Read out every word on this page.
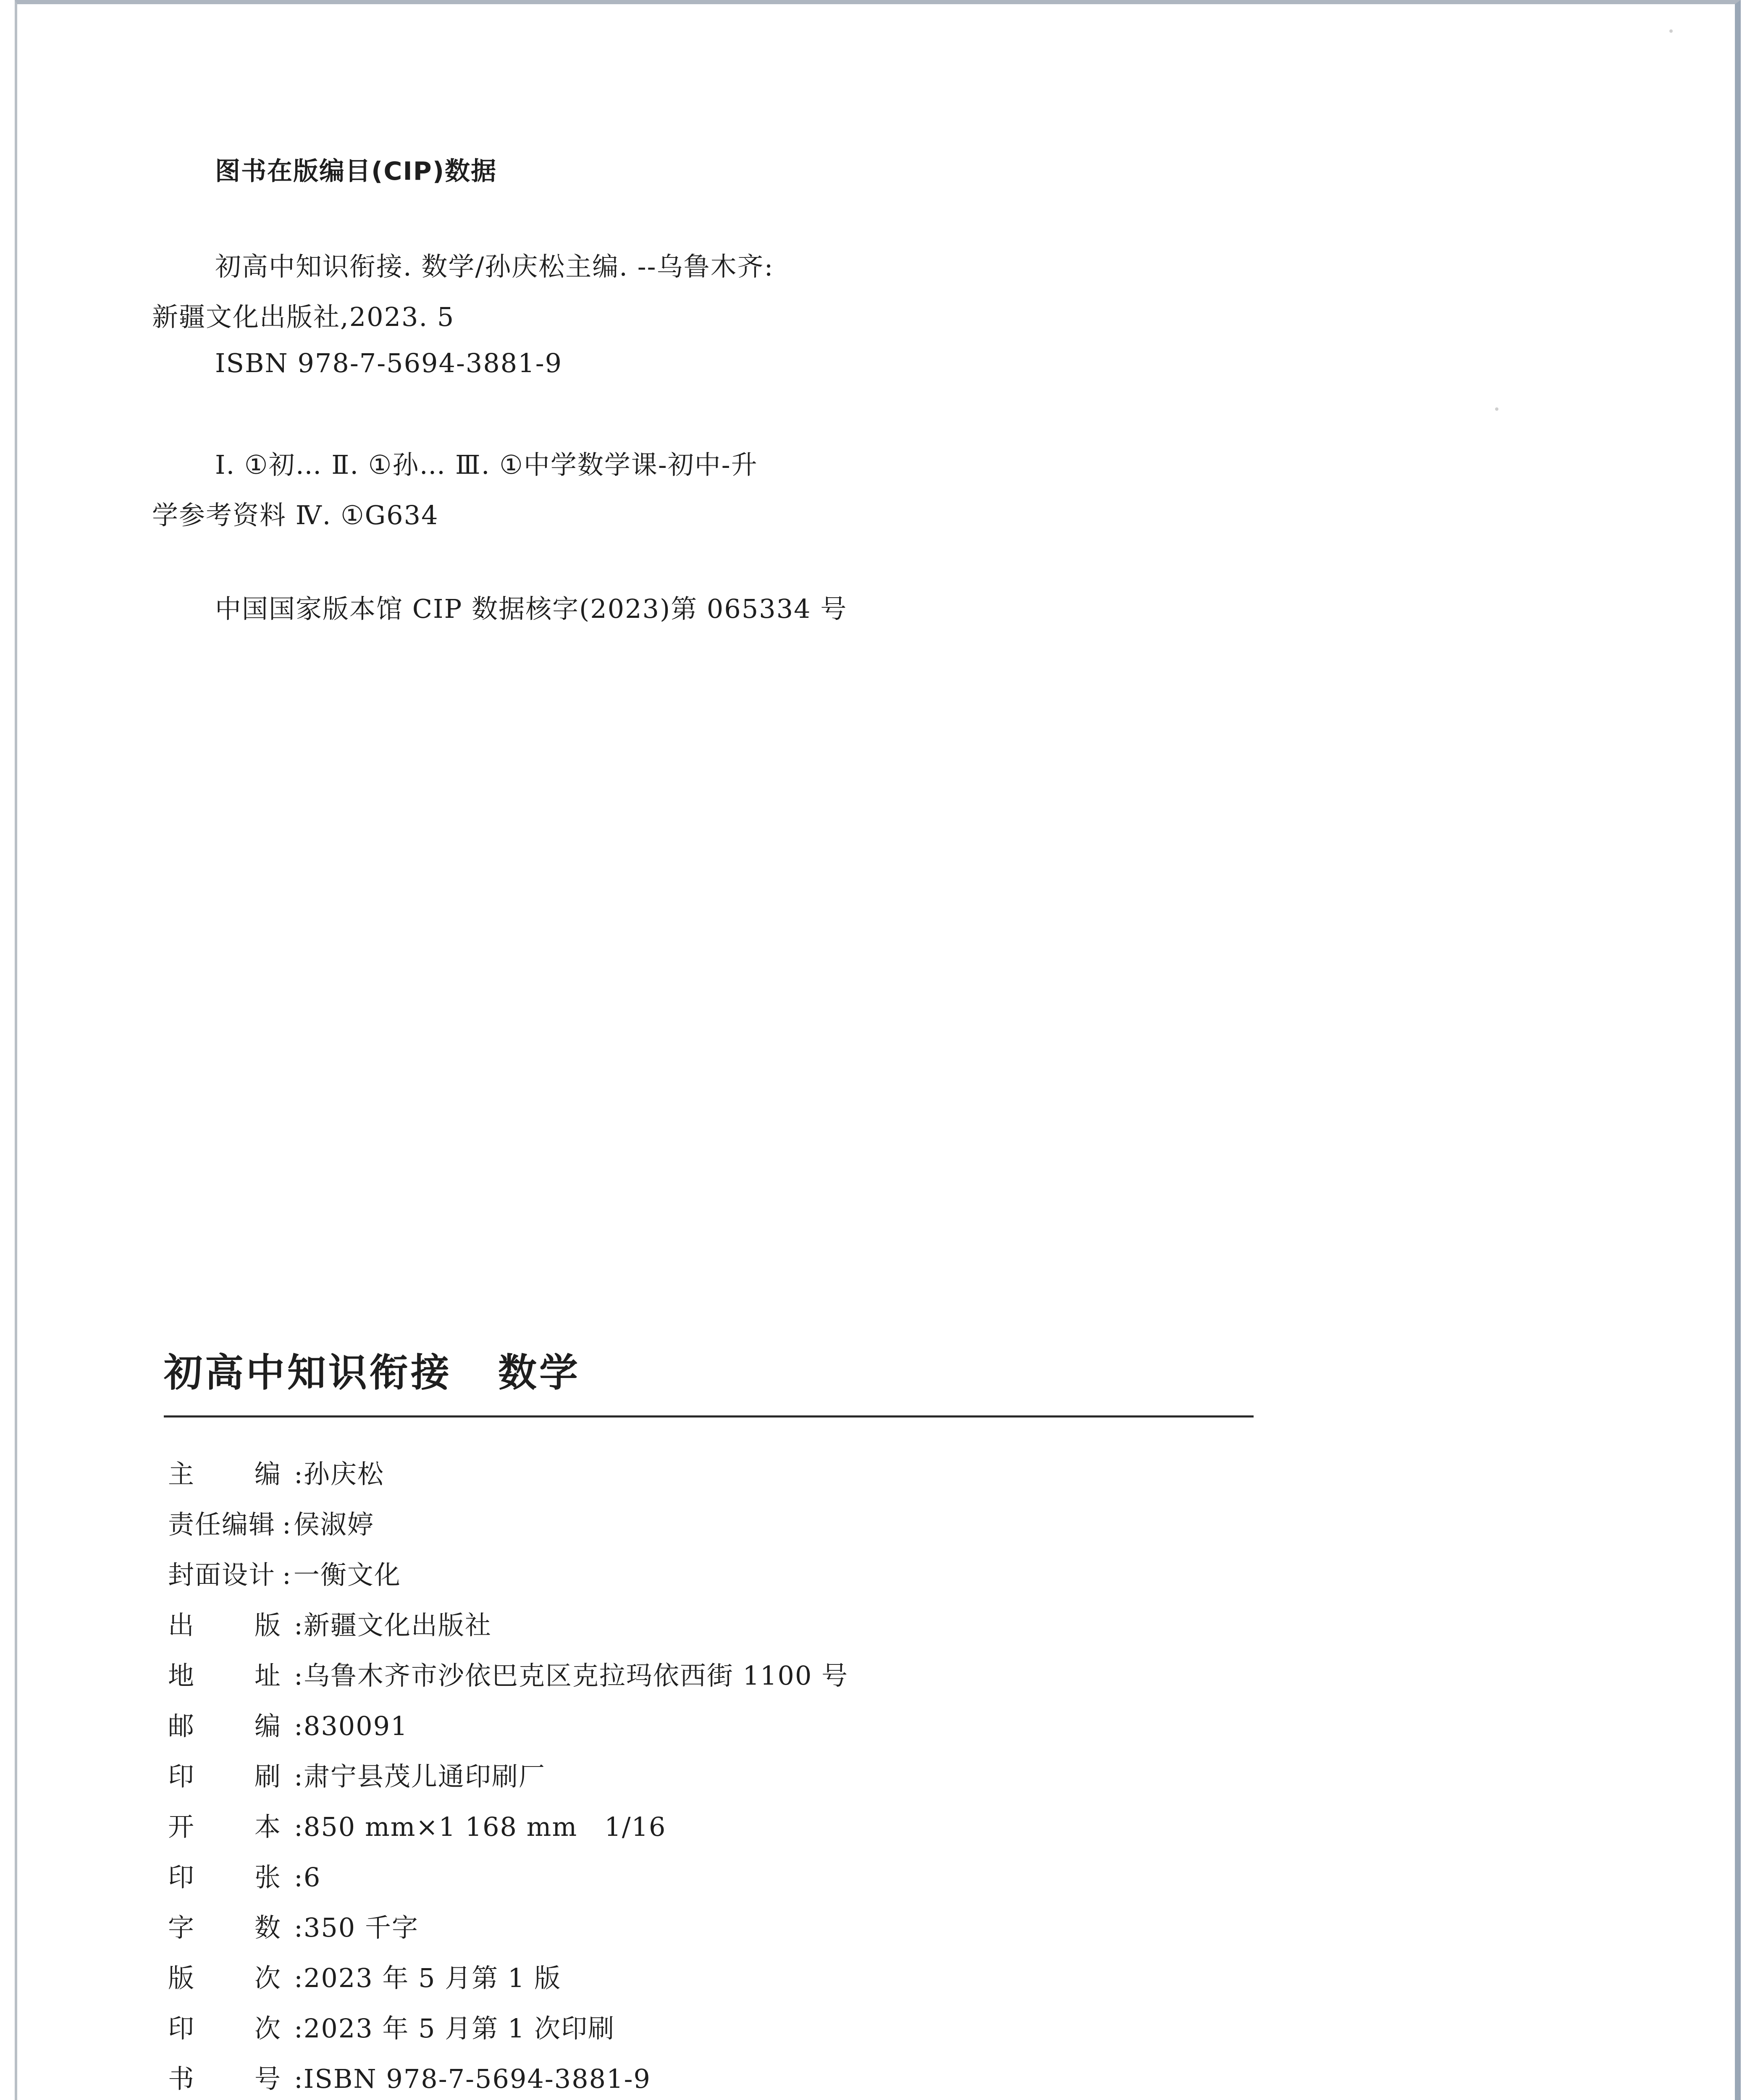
图书在版编目(CIP)数据
初高中知识衔接. 数学/孙庆松主编. --乌鲁木齐:
新疆文化出版社,2023. 5
ISBN 978-7-5694-3881-9
Ⅰ. ①初… Ⅱ. ①孙… Ⅲ. ①中学数学课-初中-升
学参考资料 Ⅳ. ①G634
中国国家版本馆 CIP 数据核字(2023)第 065334 号
初高中知识衔接 数学
主 编 : 孙庆松
责任编辑 : 侯淑婷
封面设计 : 一衡文化
出 版 : 新疆文化出版社
地 址 : 乌鲁木齐市沙依巴克区克拉玛依西街 1100 号
邮 编 : 830091
印 刷 : 肃宁县茂儿通印刷厂
开 本 : 850 mm×1 168 mm　1/16
印 张 : 6
字 数 : 350 千字
版 次 : 2023 年 5 月第 1 版
印 次 : 2023 年 5 月第 1 次印刷
书 号 : ISBN 978-7-5694-3881-9
